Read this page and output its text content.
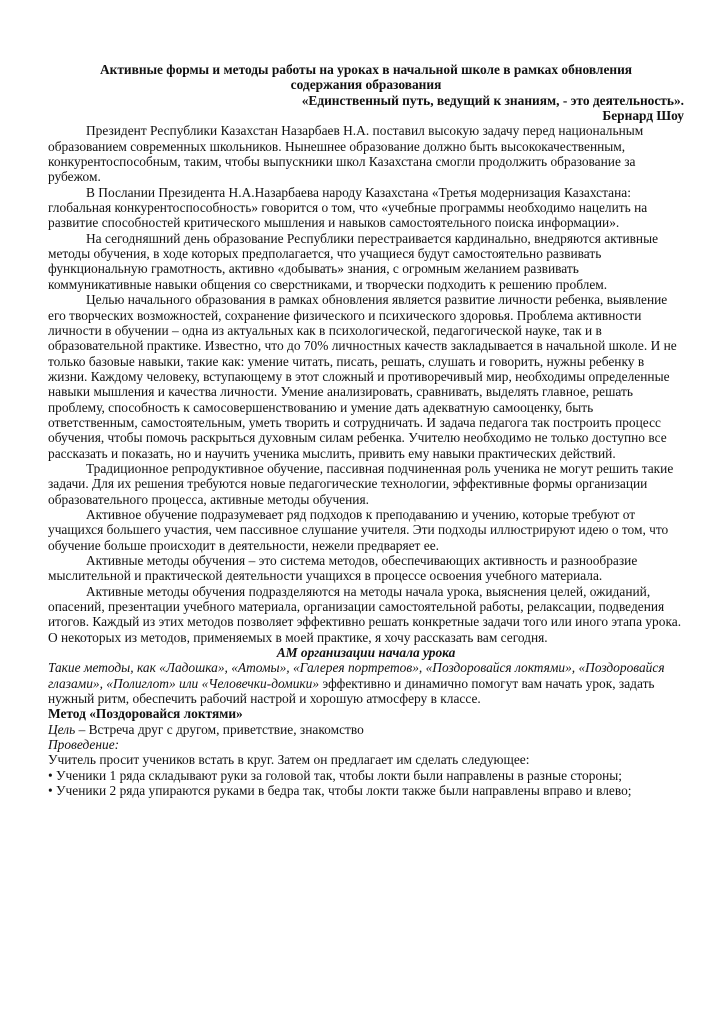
Активные формы и методы работы на уроках в начальной школе в рамках обновления

содержания образования

«Единственный путь, ведущий к знаниям, - это деятельность».

Бернард Шоу

Президент Республики Казахстан Назарбаев Н.А. поставил высокую задачу перед национальным образованием современных школьников. Нынешнее образование должно быть высококачественным, конкурентоспособным, таким, чтобы выпускники школ Казахстана смогли продолжить образование за рубежом.

В Послании Президента Н.А.Назарбаева народу Казахстана «Третья модернизация Казахстана: глобальная конкурентоспособность» говорится о том, что «учебные программы необходимо нацелить на развитие способностей критического мышления и навыков самостоятельного поиска информации».

На сегодняшний день образование Республики перестраивается кардинально, внедряются активные методы обучения, в ходе которых предполагается, что учащиеся будут самостоятельно развивать функциональную грамотность, активно «добывать» знания, с огромным желанием развивать коммуникативные навыки общения со сверстниками, и творчески подходить к решению проблем.

Целью начального образования в рамках обновления является развитие личности ребенка, выявление его творческих возможностей, сохранение физического и психического здоровья. Проблема активности личности в обучении – одна из актуальных как в психологической, педагогической науке, так и в образовательной практике. Известно, что до 70% личностных качеств закладывается в начальной школе. И не только базовые навыки, такие как: умение читать, писать, решать, слушать и говорить, нужны ребенку в жизни. Каждому человеку, вступающему в этот сложный и противоречивый мир, необходимы определенные навыки мышления и качества личности. Умение анализировать, сравнивать, выделять главное, решать проблему, способность к самосовершенствованию и умение дать адекватную самооценку, быть ответственным, самостоятельным, уметь творить и сотрудничать. И задача педагога так построить процесс обучения, чтобы помочь раскрыться духовным силам ребенка. Учителю необходимо не только доступно все рассказать и показать, но и научить ученика мыслить, привить ему навыки практических действий.

Традиционное репродуктивное обучение, пассивная подчиненная роль ученика не могут решить такие задачи. Для их решения требуются новые педагогические технологии, эффективные формы организации образовательного процесса, активные методы обучения.

Активное обучение подразумевает ряд подходов к преподаванию и учению, которые требуют от учащихся большего участия, чем пассивное слушание учителя. Эти подходы иллюстрируют идею о том, что обучение больше происходит в деятельности, нежели предваряет ее.

Активные методы обучения – это система методов, обеспечивающих активность и разнообразие мыслительной и практической деятельности учащихся в процессе освоения учебного материала.

Активные методы обучения подразделяются на методы начала урока, выяснения целей, ожиданий, опасений, презентации учебного материала, организации самостоятельной работы, релаксации, подведения итогов. Каждый из этих методов позволяет эффективно решать конкретные задачи того или иного этапа урока.

О некоторых из методов, применяемых в моей практике, я хочу рассказать вам сегодня.

АМ организации начала урока

Такие методы, как «Ладошка», «Атомы», «Галерея портретов», «Поздоровайся локтями», «Поздоровайся глазами», «Полиглот» или «Человечки-домики» эффективно и динамично помогут вам начать урок, задать нужный ритм, обеспечить рабочий настрой и хорошую атмосферу в классе.

Метод «Поздоровайся локтями»

Цель – Встреча друг с другом, приветствие, знакомство

Проведение:

Учитель просит учеников встать в круг. Затем он предлагает им сделать следующее:

• Ученики 1 ряда складывают руки за головой так, чтобы локти были направлены в разные стороны;

• Ученики 2 ряда упираются руками в бедра так, чтобы локти также были направлены вправо и влево;
